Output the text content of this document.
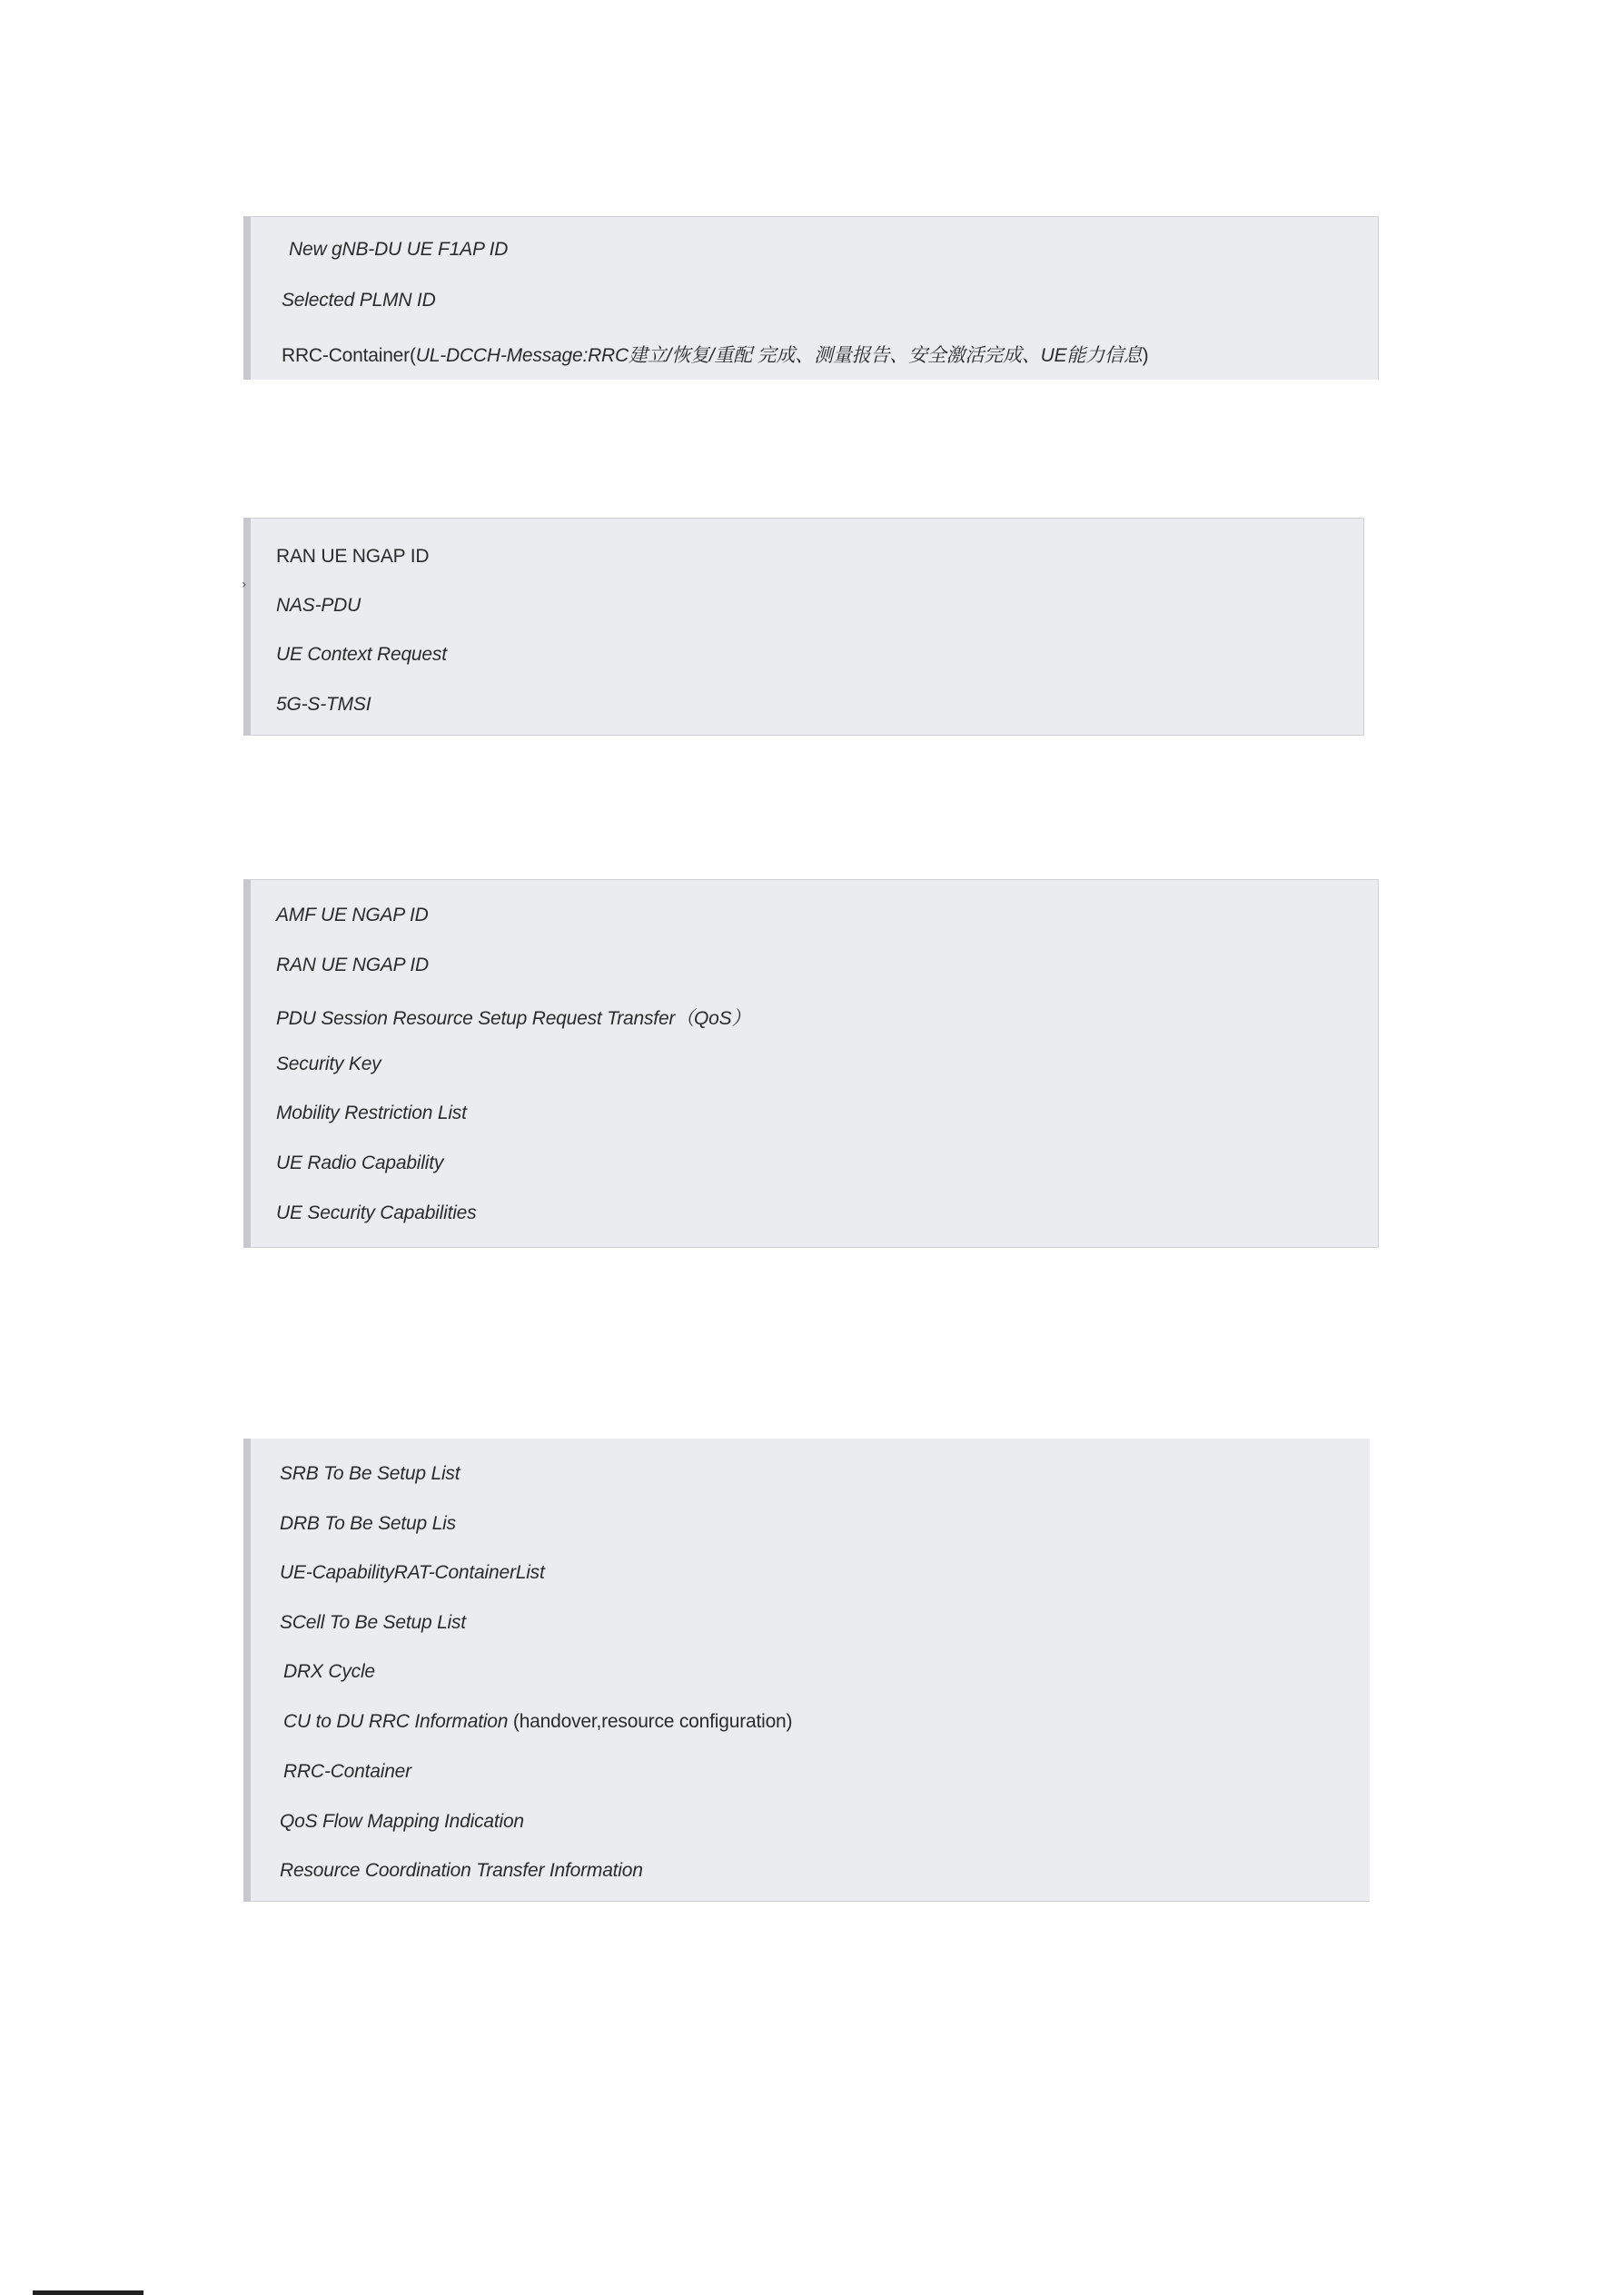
New gNB-DU UE F1AP ID
Selected PLMN ID
RRC-Container(UL-DCCH-Message:RRC建立/恢复/重配 完成、测量报告、安全激活完成、UE能力信息)
RAN UE NGAP ID
NAS-PDU
UE Context Request
5G-S-TMSI
AMF UE NGAP ID
RAN UE NGAP ID
PDU Session Resource Setup Request Transfer（QoS）
Security Key
Mobility Restriction List
UE Radio Capability
UE Security Capabilities
SRB To Be Setup List
DRB To Be Setup Lis
UE-CapabilityRAT-ContainerList
SCell To Be Setup List
DRX Cycle
CU to DU RRC Information (handover,resource configuration)
RRC-Container
QoS Flow Mapping Indication
Resource Coordination Transfer Information
›
